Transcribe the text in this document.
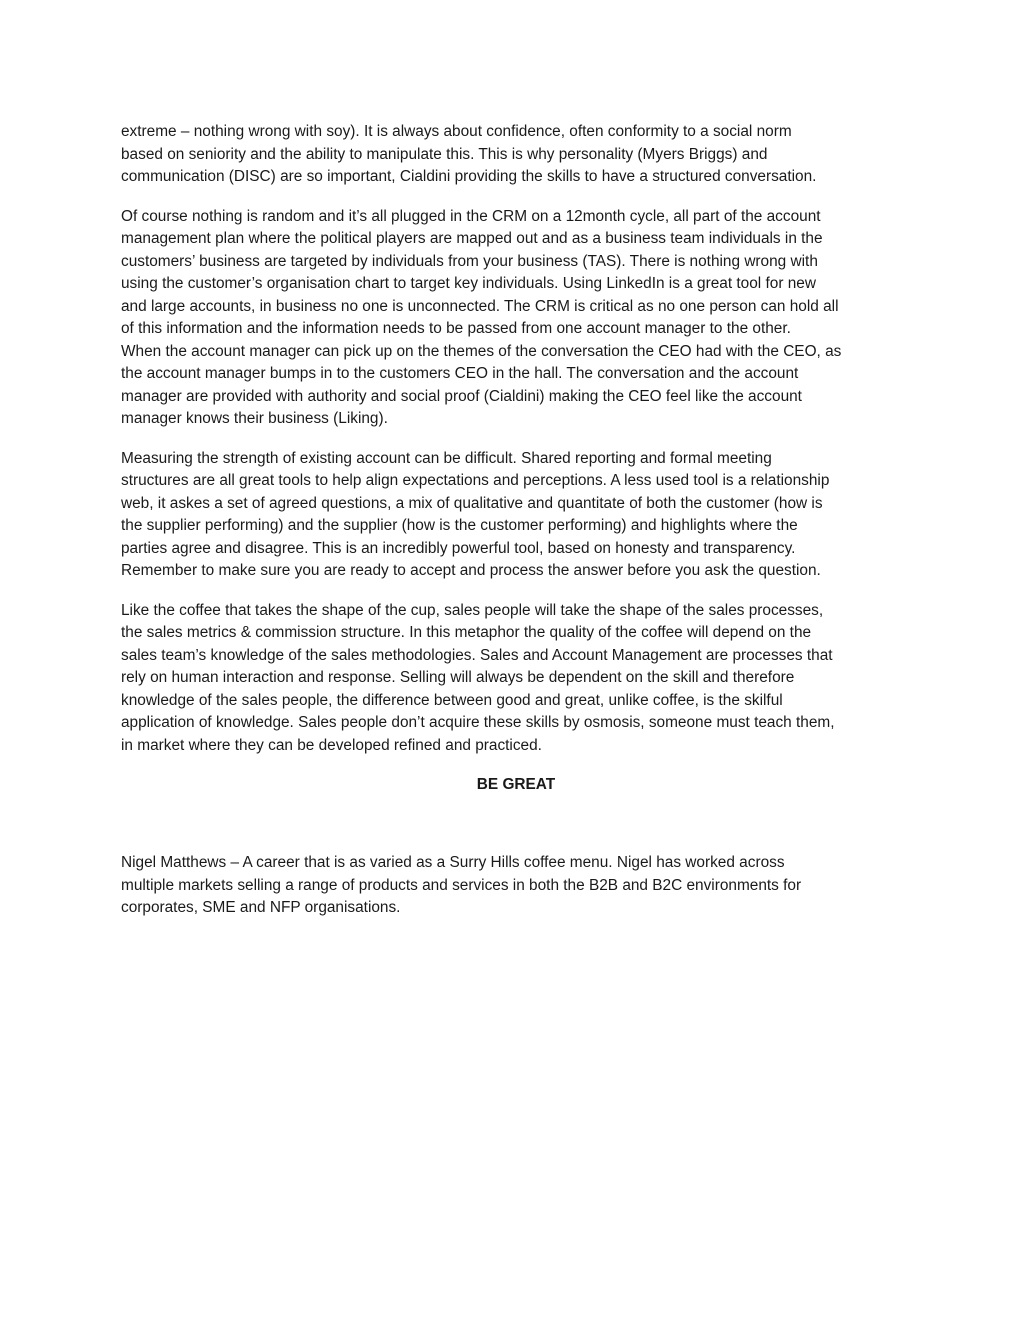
extreme – nothing wrong with soy). It is always about confidence, often conformity to a social norm
based on seniority and the ability to manipulate this. This is why personality (Myers Briggs) and
communication (DISC) are so important, Cialdini providing the skills to have a structured conversation.
Of course nothing is random and it’s all plugged in the CRM on a 12month cycle, all part of the account
management plan where the political players are mapped out and as a business team individuals in the
customers’ business are targeted by individuals from your business (TAS). There is nothing wrong with
using the customer’s organisation chart to target key individuals. Using LinkedIn is a great tool for new
and large accounts, in business no one is unconnected. The CRM is critical as no one person can hold all
of this information and the information needs to be passed from one account manager to the other.
When the account manager can pick up on the themes of the conversation the CEO had with the CEO, as
the account manager bumps in to the customers CEO in the hall. The conversation and the account
manager are provided with authority and social proof (Cialdini) making the CEO feel like the account
manager knows their business (Liking).
Measuring the strength of existing account can be difficult. Shared reporting and formal meeting
structures are all great tools to help align expectations and perceptions. A less used tool is a relationship
web, it askes a set of agreed questions, a mix of qualitative and quantitate of both the customer (how is
the supplier performing) and the supplier (how is the customer performing) and highlights where the
parties agree and disagree. This is an incredibly powerful tool, based on honesty and transparency.
Remember to make sure you are ready to accept and process the answer before you ask the question.
Like the coffee that takes the shape of the cup, sales people will take the shape of the sales processes,
the sales metrics & commission structure. In this metaphor the quality of the coffee will depend on the
sales team’s knowledge of the sales methodologies. Sales and Account Management are processes that
rely on human interaction and response. Selling will always be dependent on the skill and therefore
knowledge of the sales people, the difference between good and great, unlike coffee, is the skilful
application of knowledge. Sales people don’t acquire these skills by osmosis, someone must teach them,
in market where they can be developed refined and practiced.
BE GREAT
Nigel Matthews – A career that is as varied as a Surry Hills coffee menu. Nigel has worked across
multiple markets selling a range of products and services in both the B2B and B2C environments for
corporates, SME and NFP organisations.
